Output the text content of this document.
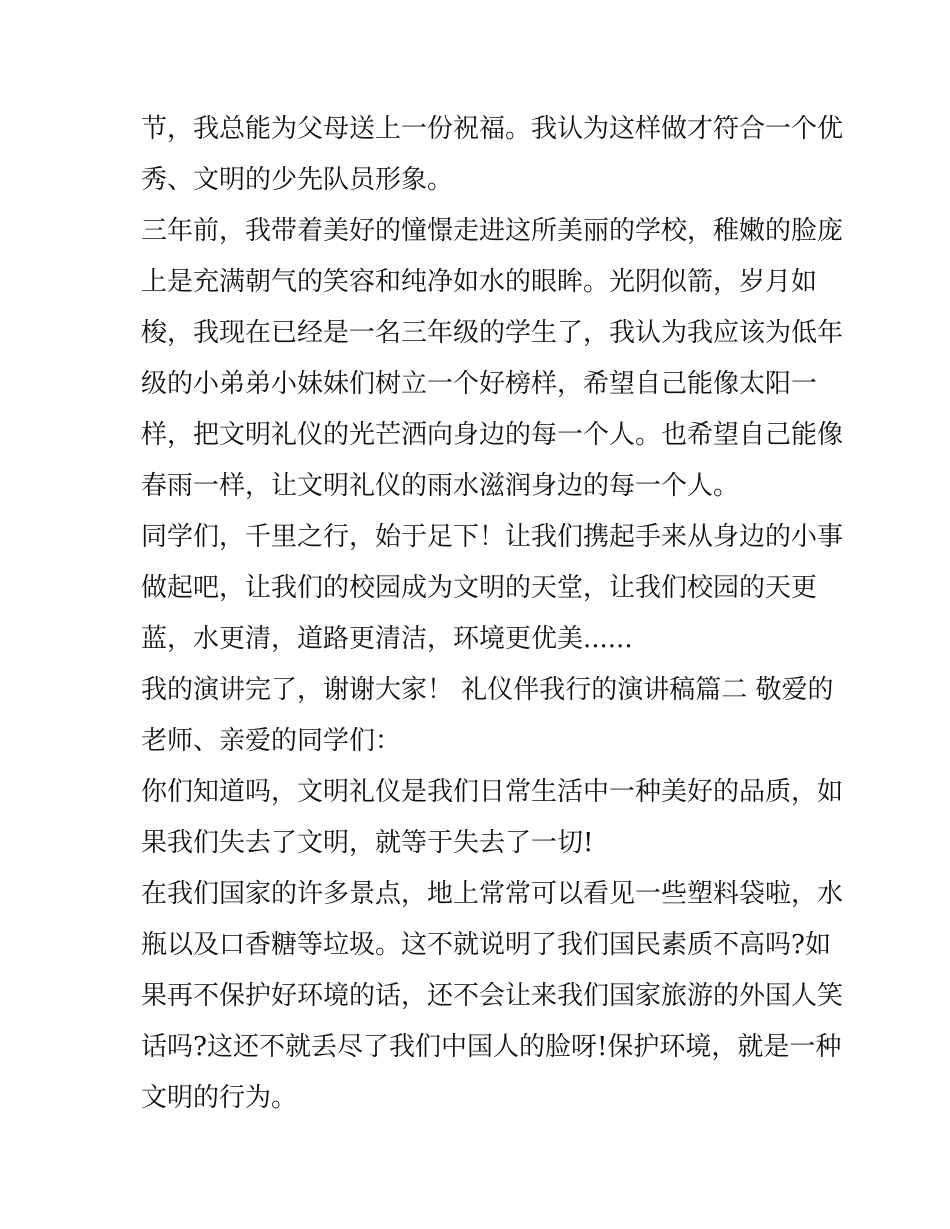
节，我总能为父母送上一份祝福。我认为这样做才符合一个优
秀、文明的少先队员形象。
三年前，我带着美好的憧憬走进这所美丽的学校，稚嫩的脸庞
上是充满朝气的笑容和纯净如水的眼眸。光阴似箭，岁月如
梭，我现在已经是一名三年级的学生了，我认为我应该为低年
级的小弟弟小妹妹们树立一个好榜样，希望自己能像太阳一
样，把文明礼仪的光芒洒向身边的每一个人。也希望自己能像
春雨一样，让文明礼仪的雨水滋润身边的每一个人。
同学们，千里之行，始于足下！让我们携起手来从身边的小事
做起吧，让我们的校园成为文明的天堂，让我们校园的天更
蓝，水更清，道路更清洁，环境更优美......
我的演讲完了，谢谢大家！ 礼仪伴我行的演讲稿篇二 敬爱的
老师、亲爱的同学们：
你们知道吗，文明礼仪是我们日常生活中一种美好的品质，如
果我们失去了文明，就等于失去了一切!
在我们国家的许多景点，地上常常可以看见一些塑料袋啦，水
瓶以及口香糖等垃圾。这不就说明了我们国民素质不高吗?如
果再不保护好环境的话，还不会让来我们国家旅游的外国人笑
话吗?这还不就丢尽了我们中国人的脸呀!保护环境，就是一种
文明的行为。
